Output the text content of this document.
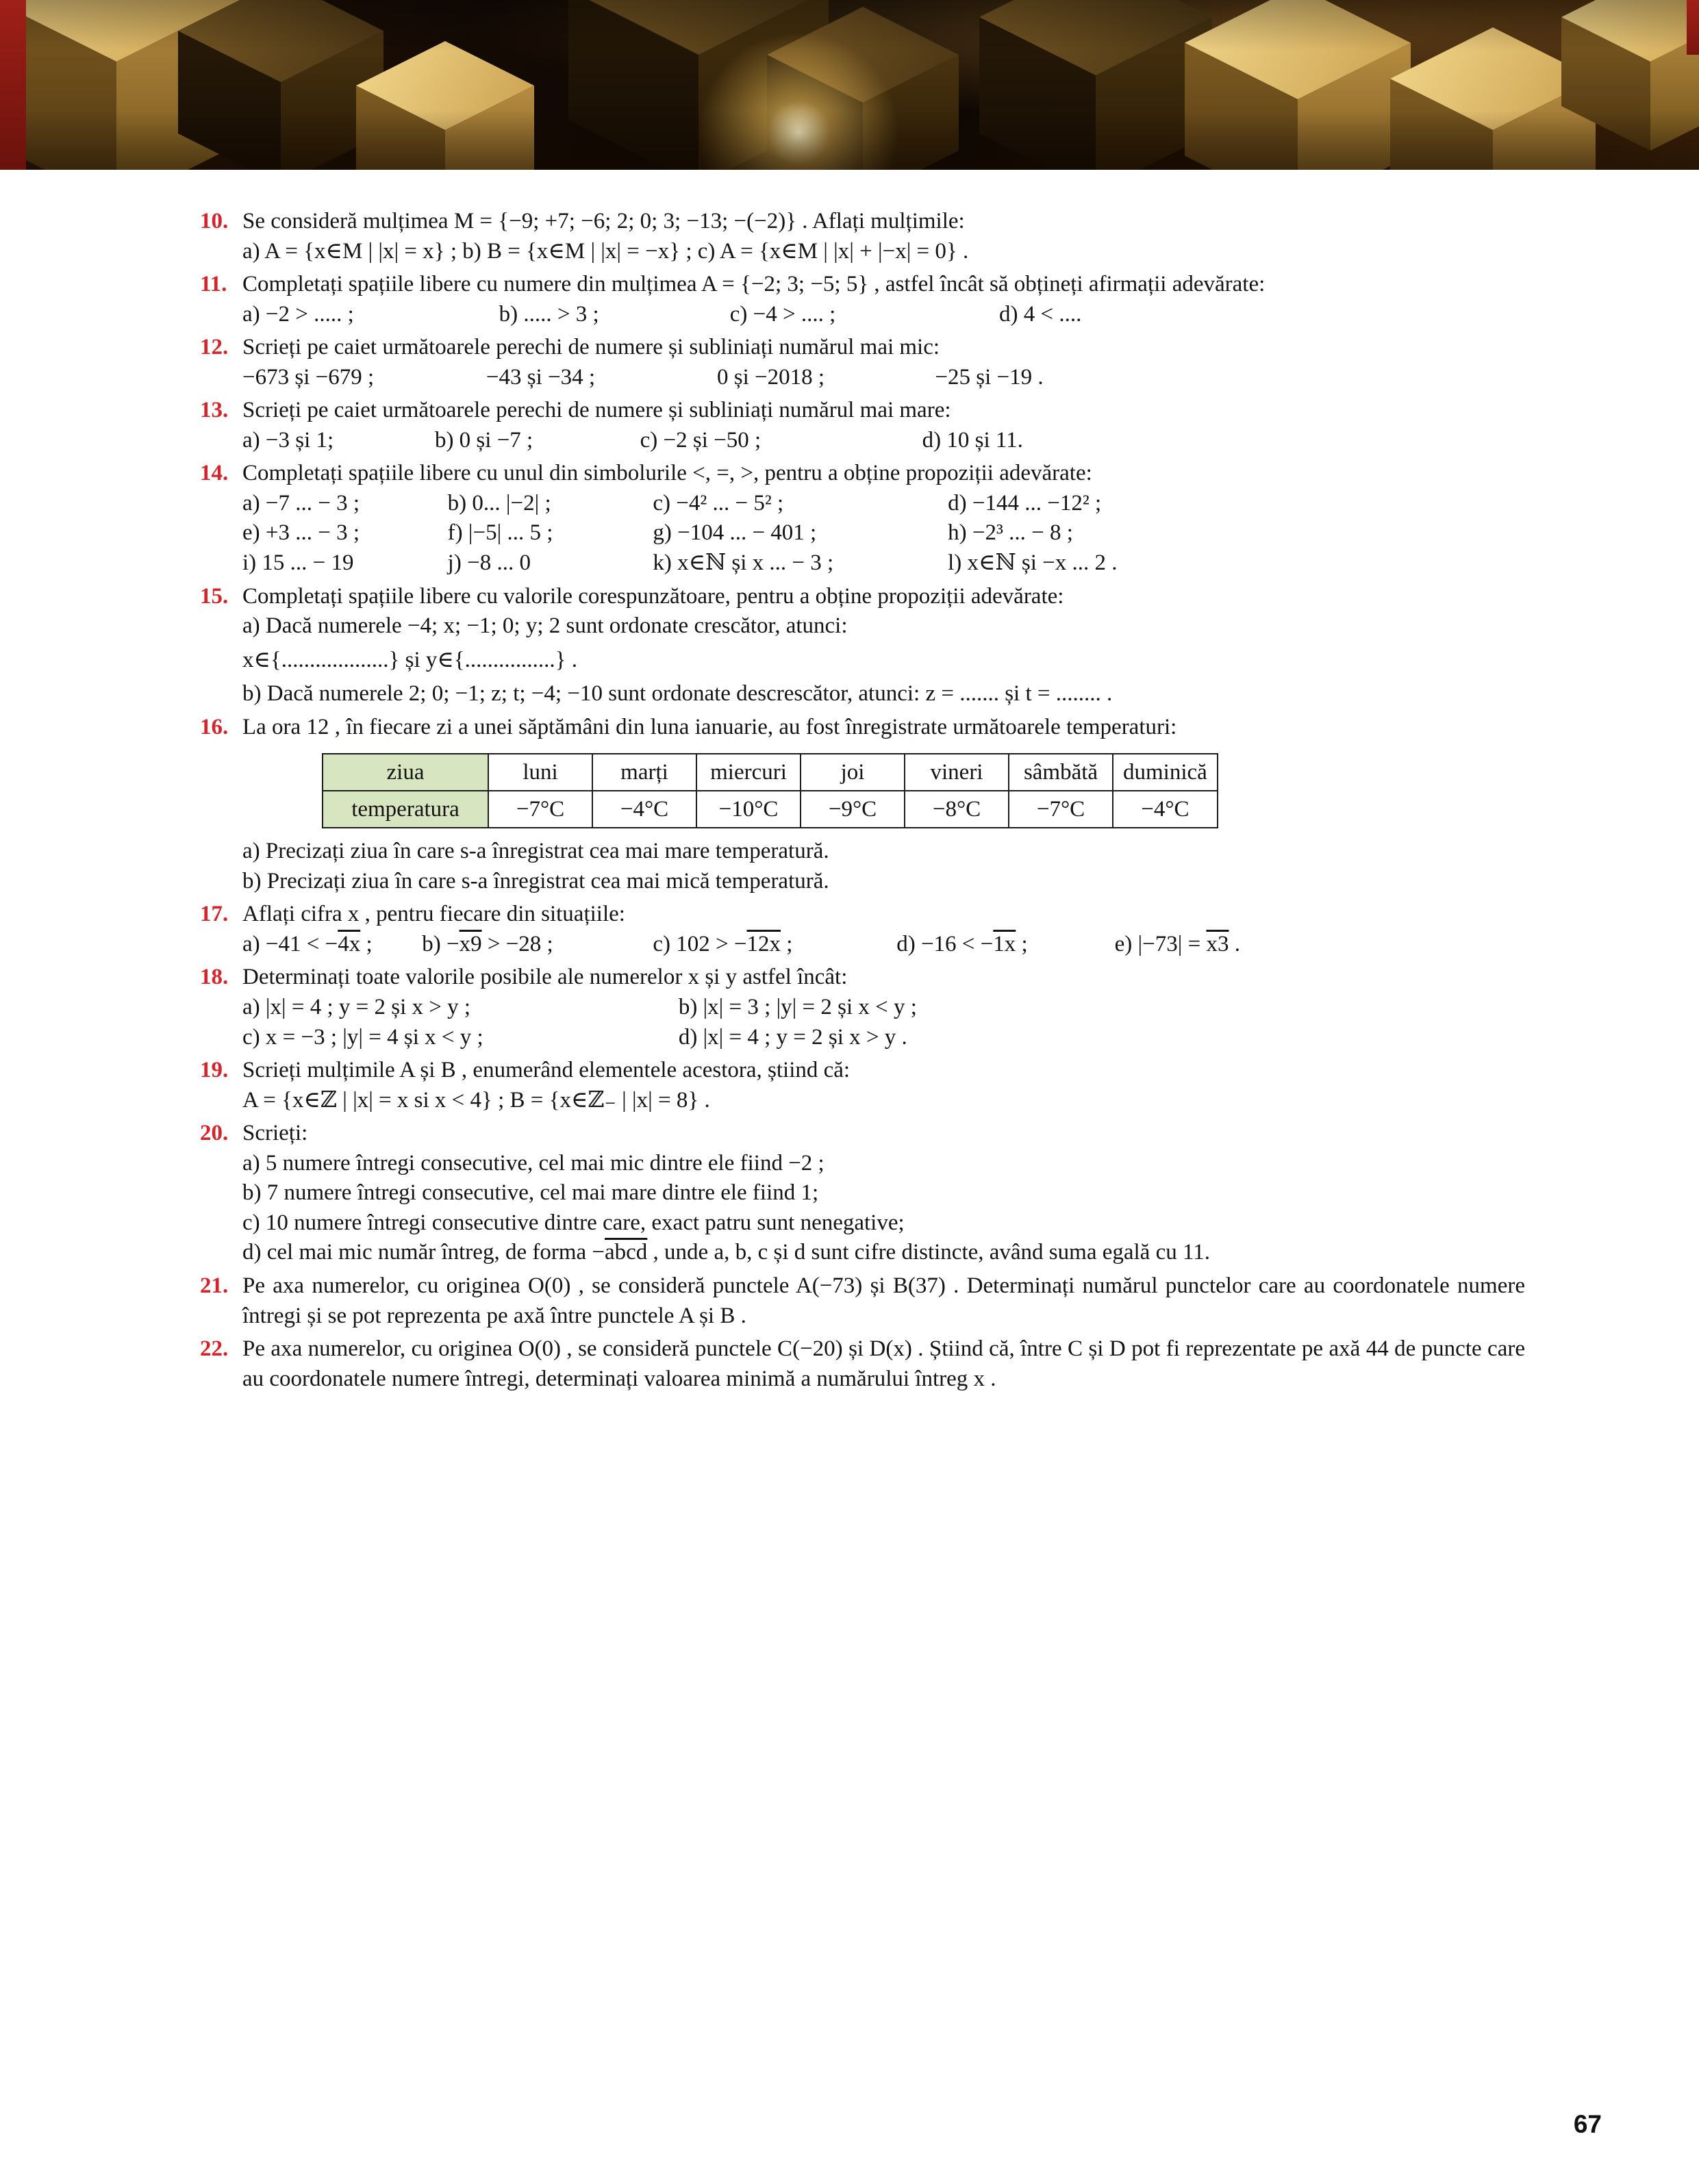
10. Se consideră mulțimea M = {−9; +7; −6; 2; 0; 3; −13; −(−2)} . Aflați mulțimile:
a) A = {x∈M | |x| = x} ; b) B = {x∈M | |x| = −x} ; c) A = {x∈M | |x| + |−x| = 0} .
11. Completați spațiile libere cu numere din mulțimea A = {−2; 3; −5; 5} , astfel încât să obțineți afirmații adevărate:
a) −2 > ..... ;	b) ..... > 3 ;	c) −4 > .... ;	d) 4 < ....
12. Scrieți pe caiet următoarele perechi de numere și subliniați numărul mai mic:
−673 și −679 ;	−43 și −34 ;	0 și −2018 ;	−25 și −19 .
13. Scrieți pe caiet următoarele perechi de numere și subliniați numărul mai mare:
a) −3 și 1;	b) 0 și −7 ;	c) −2 și −50 ;	d) 10 și 11.
14. Completați spațiile libere cu unul din simbolurile <, =, >, pentru a obține propoziții adevărate:
a) −7 ... − 3 ;	b) 0... |−2| ;	c) −4² ... − 5² ;	d) −144 ... −12² ;
e) +3 ... − 3 ;	f) |−5| ... 5 ;	g) −104 ... − 401 ;	h) −2³ ... − 8 ;
i) 15 ... − 19	j) −8 ... 0	k) x∈ℕ și x ... − 3 ;	l) x∈ℕ și −x ... 2 .
15. Completați spațiile libere cu valorile corespunzătoare, pentru a obține propoziții adevărate:
a) Dacă numerele −4; x; −1; 0; y; 2 sunt ordonate crescător, atunci:
x∈{...................} și y∈{................} .
b) Dacă numerele 2; 0; −1; z; t; −4; −10 sunt ordonate descrescător, atunci: z = ....... și t = ........ .
16. La ora 12 , în fiecare zi a unei săptămâni din luna ianuarie, au fost înregistrate următoarele temperaturi:
ziua	luni	marți	miercuri	joi	vineri	sâmbătă	duminică
temperatura	−7°C	−4°C	−10°C	−9°C	−8°C	−7°C	−4°C
a) Precizați ziua în care s-a înregistrat cea mai mare temperatură.
b) Precizați ziua în care s-a înregistrat cea mai mică temperatură.
17. Aflați cifra x , pentru fiecare din situațiile:
a) −41 < −4x ;	b) −x9 > −28 ;	c) 102 > −12x ;	d) −16 < −1x ;	e) |−73| = x3 .
18. Determinați toate valorile posibile ale numerelor x și y astfel încât:
a) |x| = 4 ; y = 2 și x > y ;	b) |x| = 3 ; |y| = 2 și x < y ;
c) x = −3 ; |y| = 4 și x < y ;	d) |x| = 4 ; y = 2 și x > y .
19. Scrieți mulțimile A și B , enumerând elementele acestora, știind că:
A = {x∈ℤ | |x| = x si x < 4} ; B = {x∈ℤ₋ | |x| = 8} .
20. Scrieți:
a) 5 numere întregi consecutive, cel mai mic dintre ele fiind −2 ;
b) 7 numere întregi consecutive, cel mai mare dintre ele fiind 1;
c) 10 numere întregi consecutive dintre care, exact patru sunt nenegative;
d) cel mai mic număr întreg, de forma −abcd , unde a, b, c și d sunt cifre distincte, având suma egală cu 11.
21. Pe axa numerelor, cu originea O(0) , se consideră punctele A(−73) și B(37) . Determinați numărul punctelor care au coordonatele numere întregi și se pot reprezenta pe axă între punctele A și B .
22. Pe axa numerelor, cu originea O(0) , se consideră punctele C(−20) și D(x) . Știind că, între C și D pot fi reprezentate pe axă 44 de puncte care au coordonatele numere întregi, determinați valoarea minimă a numărului întreg x .
67
